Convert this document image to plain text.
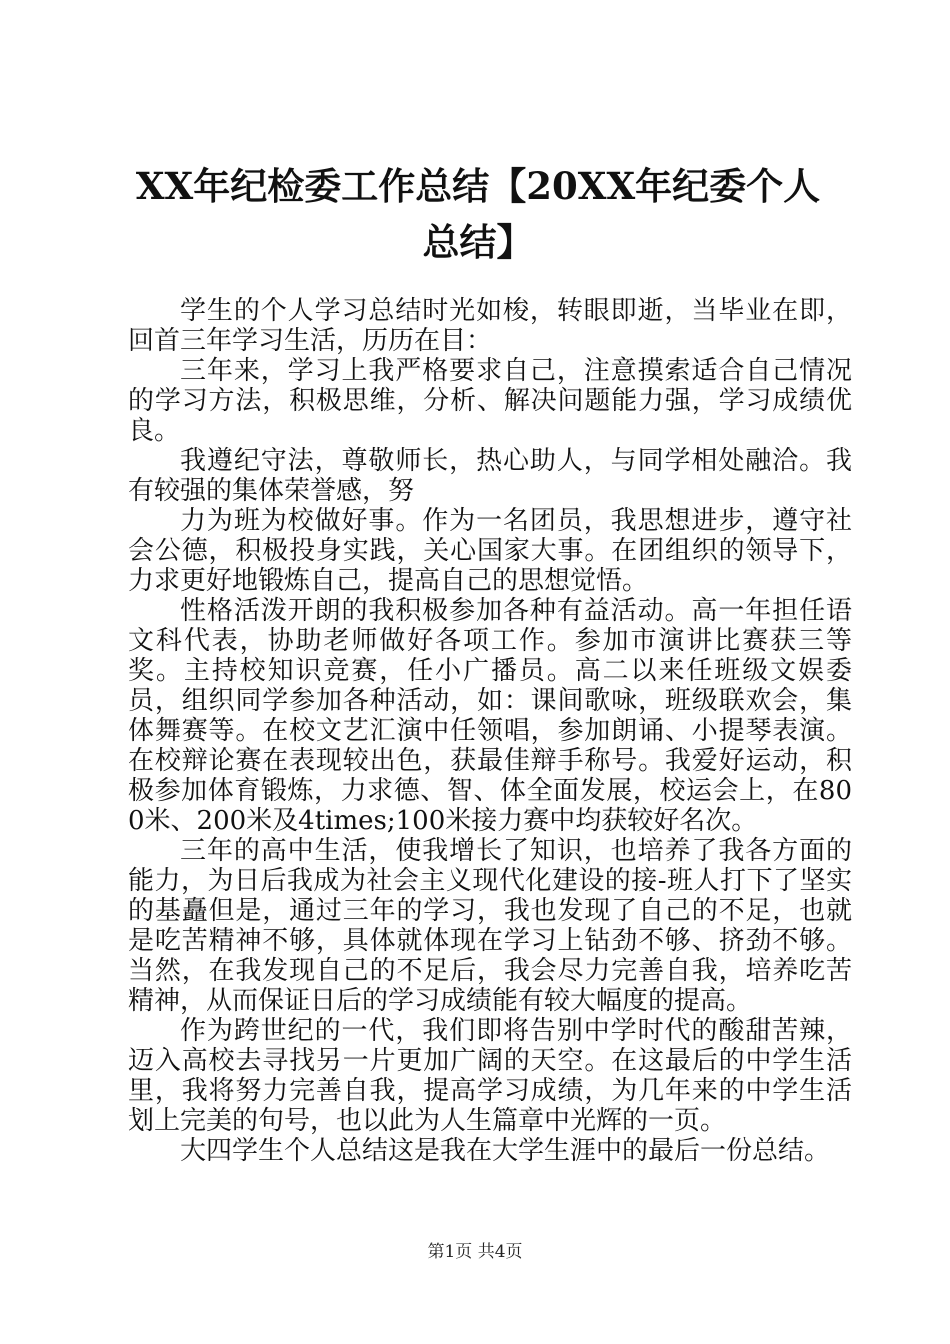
XX年纪检委工作总结【20XX年纪委个人总结】

学生的个人学习总结时光如梭，转眼即逝，当毕业在即，回首三年学习生活，历历在目：

三年来，学习上我严格要求自己，注意摸索适合自己情况的学习方法，积极思维，分析、解决问题能力强，学习成绩优良。

我遵纪守法，尊敬师长，热心助人，与同学相处融洽。我有较强的集体荣誉感，努

力为班为校做好事。作为一名团员，我思想进步，遵守社会公德，积极投身实践，关心国家大事。在团组织的领导下，力求更好地锻炼自己，提高自己的思想觉悟。

性格活泼开朗的我积极参加各种有益活动。高一年担任语文科代表，协助老师做好各项工作。参加市演讲比赛获三等奖。主持校知识竞赛，任小广播员。高二以来任班级文娱委员，组织同学参加各种活动，如：课间歌咏，班级联欢会，集体舞赛等。在校文艺汇演中任领唱，参加朗诵、小提琴表演。在校辩论赛在表现较出色，获最佳辩手称号。我爱好运动，积极参加体育锻炼，力求德、智、体全面发展，校运会上，在800米、200米及4times;100米接力赛中均获较好名次。

三年的高中生活，使我增长了知识，也培养了我各方面的能力，为日后我成为社会主义现代化建设的接-班人打下了坚实的基矗但是，通过三年的学习，我也发现了自己的不足，也就是吃苦精神不够，具体就体现在学习上钻劲不够、挤劲不够。当然，在我发现自己的不足后，我会尽力完善自我，培养吃苦精神，从而保证日后的学习成绩能有较大幅度的提高。

作为跨世纪的一代，我们即将告别中学时代的酸甜苦辣，迈入高校去寻找另一片更加广阔的天空。在这最后的中学生活里，我将努力完善自我，提高学习成绩，为几年来的中学生活划上完美的句号，也以此为人生篇章中光辉的一页。

大四学生个人总结这是我在大学生涯中的最后一份总结。

第1页 共4页
